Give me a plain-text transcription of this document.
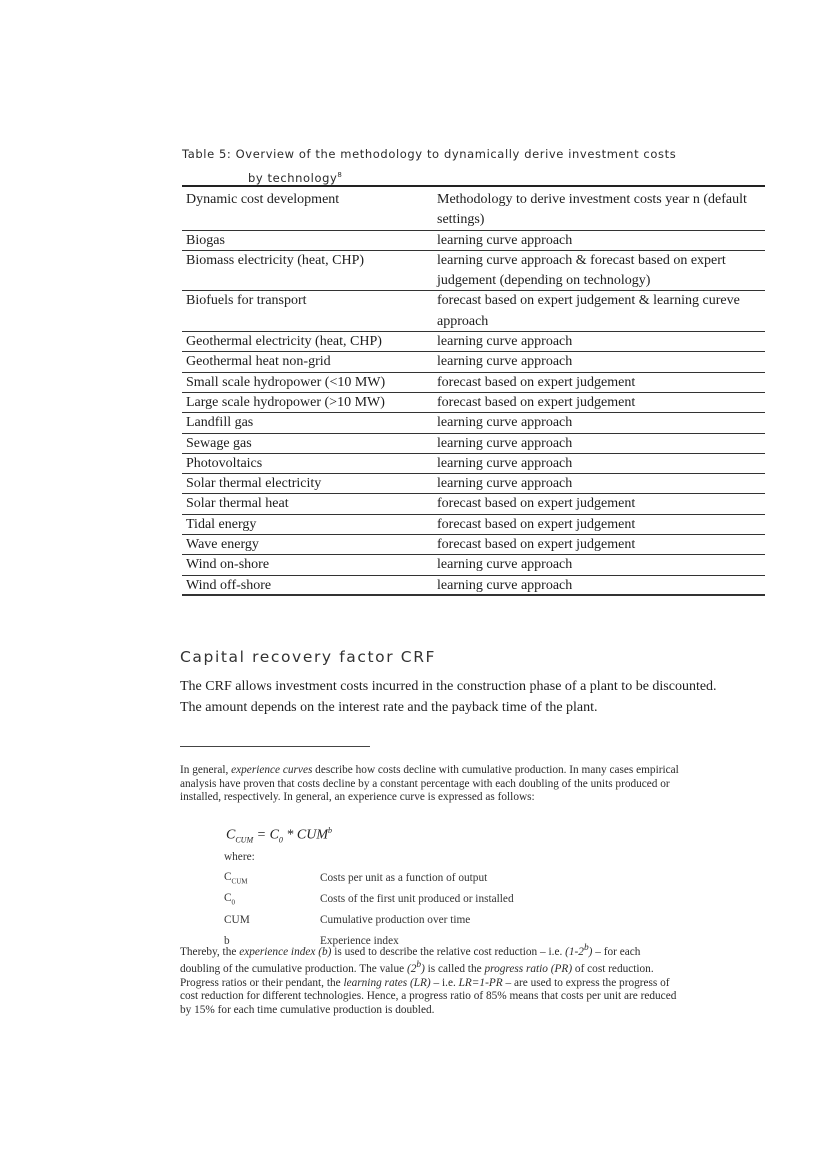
Table 5: Overview of the methodology to dynamically derive investment costs
by technology$^8$
Dynamic cost development	Methodology to derive investment costs year n (default settings)
Biogas	learning curve approach
Biomass electricity (heat, CHP)	learning curve approach & forecast based on expert judgement (depending on technology)
Biofuels for transport	forecast based on expert judgement & learning cureve approach
Geothermal electricity (heat, CHP)	learning curve approach
Geothermal heat non-grid	learning curve approach
Small scale hydropower (<10 MW)	forecast based on expert judgement
Large scale hydropower (>10 MW)	forecast based on expert judgement
Landfill gas	learning curve approach
Sewage gas	learning curve approach
Photovoltaics	learning curve approach
Solar thermal electricity	learning curve approach
Solar thermal heat	forecast based on expert judgement
Tidal energy	forecast based on expert judgement
Wave energy	forecast based on expert judgement
Wind on-shore	learning curve approach
Wind off-shore	learning curve approach
Capital recovery factor CRF
The CRF allows investment costs incurred in the construction phase of a plant to be discounted. The amount depends on the interest rate and the payback time of the plant.
In general, experience curves describe how costs decline with cumulative production. In many cases empirical analysis have proven that costs decline by a constant percentage with each doubling of the units produced or installed, respectively. In general, an experience curve is expressed as follows:
$C_{CUM} = C_0 * CUM^b$
where:
$C_{CUM}$	Costs per unit as a function of output
$C_0$	Costs of the first unit produced or installed
CUM	Cumulative production over time
b	Experience index
Thereby, the experience index (b) is used to describe the relative cost reduction – i.e. (1-2$^b$) – for each doubling of the cumulative production. The value (2$^b$) is called the progress ratio (PR) of cost reduction. Progress ratios or their pendant, the learning rates (LR) – i.e. LR=1-PR – are used to express the progress of cost reduction for different technologies. Hence, a progress ratio of 85% means that costs per unit are reduced by 15% for each time cumulative production is doubled.
